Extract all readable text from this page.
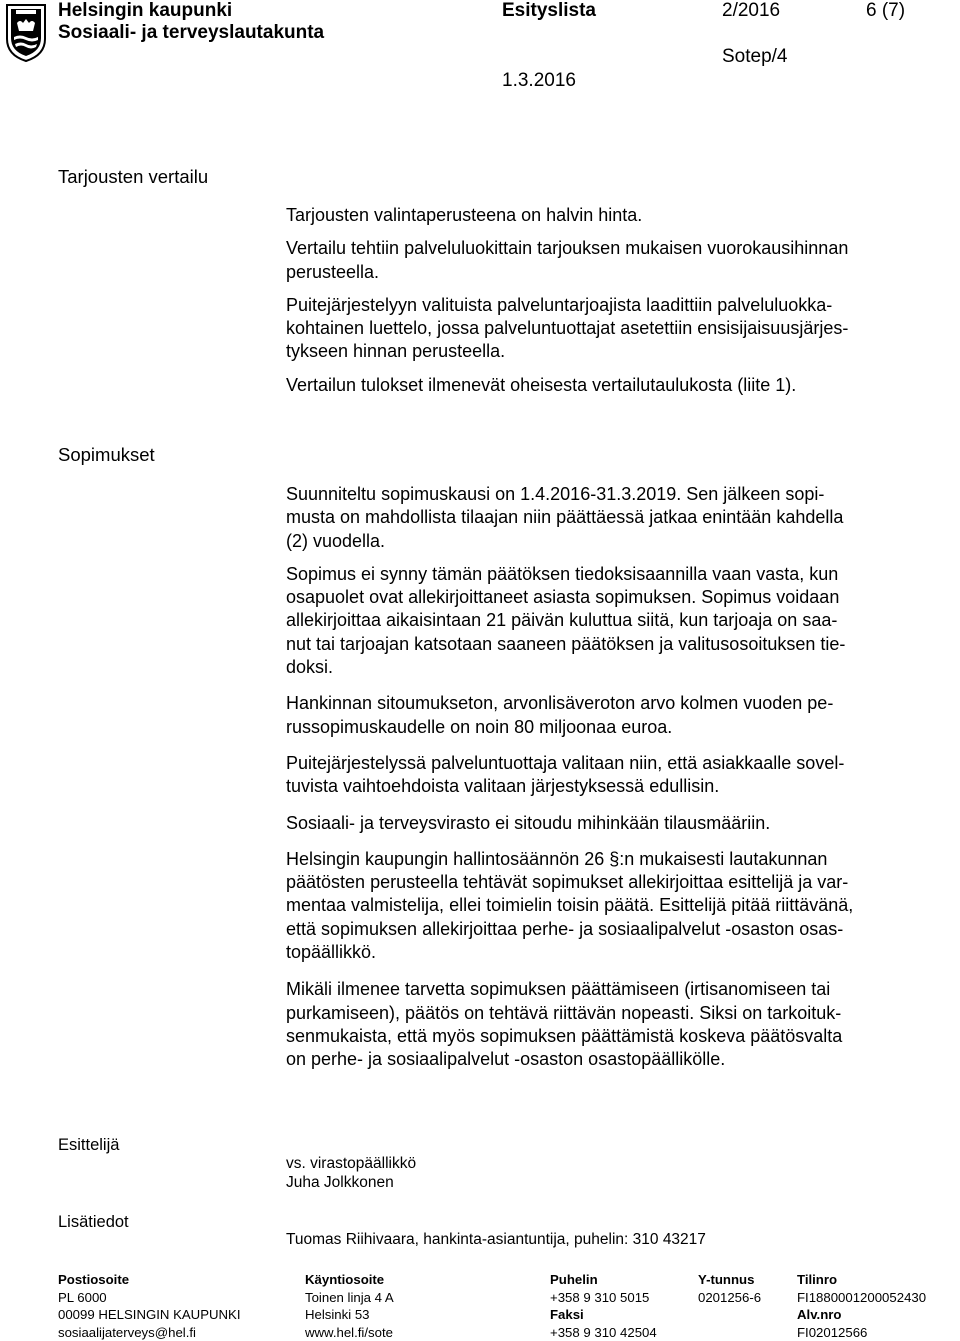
Helsingin kaupunki
Sosiaali- ja terveyslautakunta
Esityslista	2/2016	6 (7)
Sotep/4
1.3.2016
Tarjousten vertailu
Sopimukset
Esittelijä
Lisätiedot

Tarjousten valintaperusteena on halvin hinta.

Vertailu tehtiin palveluluokittain tarjouksen mukaisen vuorokausihinnan

perusteella.

Puitejärjestelyyn valituista palveluntarjoajista laadittiin palveluluokka-

kohtainen luettelo, jossa palveluntuottajat asetettiin ensisijaisuusjärjes-

tykseen hinnan perusteella.

Vertailun tulokset ilmenevät oheisesta vertailutaulukosta (liite 1).

Suunniteltu sopimuskausi on 1.4.2016-31.3.2019. Sen jälkeen sopi-

musta on mahdollista tilaajan niin päättäessä jatkaa enintään kahdella

(2) vuodella.

Sopimus ei synny tämän päätöksen tiedoksisaannilla vaan vasta, kun

osapuolet ovat allekirjoittaneet asiasta sopimuksen. Sopimus voidaan

allekirjoittaa aikaisintaan 21 päivän kuluttua siitä, kun tarjoaja on saa-

nut tai tarjoajan katsotaan saaneen päätöksen ja valitusosoituksen tie-

doksi.

Hankinnan sitoumukseton, arvonlisäveroton arvo kolmen vuoden pe-

russopimuskaudelle on noin 80 miljoonaa euroa.

Puitejärjestelyssä palveluntuottaja valitaan niin, että asiakkaalle sovel-

tuvista vaihtoehdoista valitaan järjestyksessä edullisin.

Sosiaali- ja terveysvirasto ei sitoudu mihinkään tilausmääriin.

Helsingin kaupungin hallintosäännön 26 §:n mukaisesti lautakunnan

päätösten perusteella tehtävät sopimukset allekirjoittaa esittelijä ja var-

mentaa valmistelija, ellei toimielin toisin päätä. Esittelijä pitää riittävänä,

että sopimuksen allekirjoittaa perhe- ja sosiaalipalvelut -osaston osas-

topäällikkö.

Mikäli ilmenee tarvetta sopimuksen päättämiseen (irtisanomiseen tai

purkamiseen), päätös on tehtävä riittävän nopeasti. Siksi on tarkoituk-

senmukaista, että myös sopimuksen päättämistä koskeva päätösvalta

on perhe- ja sosiaalipalvelut -osaston osastopäällikölle.

vs. virastopäällikkö
Juha Jolkkonen
Tuomas Riihivaara, hankinta-asiantuntija, puhelin: 310 43217
Postiosoite
PL 6000
00099 HELSINGIN KAUPUNKI
sosiaalijaterveys@hel.fi
Käyntiosoite
Toinen linja 4 A
Helsinki 53
www.hel.fi/sote
Puhelin
+358 9 310 5015
Faksi
+358 9 310 42504
Y-tunnus
0201256-6
Tilinro
FI1880001200052430
Alv.nro
FI02012566
